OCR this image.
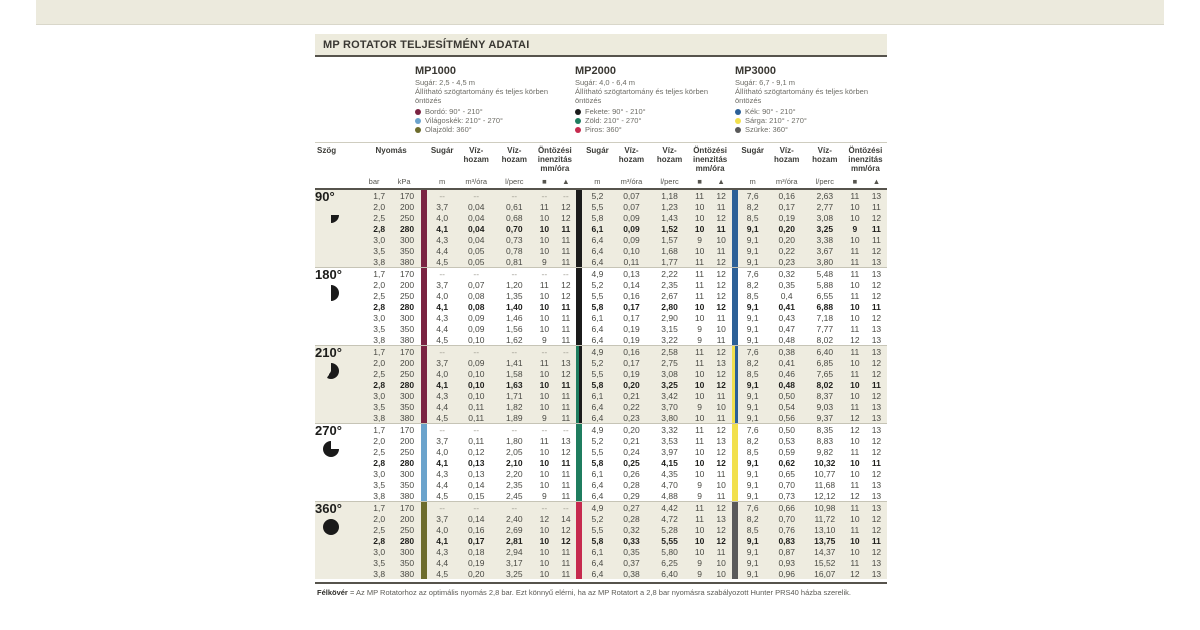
MP ROTATOR TELJESÍTMÉNY ADATAI

MP1000

Sugár: 2,5 - 4,5 m

Állítható szögtartomány és teljes körben öntözés

Bordó: 90° - 210°
Világoskék: 210° - 270°
Olajzöld: 360°

MP2000

Sugár: 4,0 - 6,4 m

Állítható szögtartomány és teljes körben öntözés

Fekete: 90° - 210°
Zöld: 210° - 270°
Piros: 360°

MP3000

Sugár: 6,7 - 9,1 m

Állítható szögtartomány és teljes körben öntözés

Kék: 90° - 210°
Sárga: 210° - 270°
Szürke: 360°
Szög	Nyomás			Sugár	Víz-hozam	Víz-hozam	Öntözési inenzitás mm/óra			Sugár	Víz-hozam	Víz-hozam	Öntözési inenzitás mm/óra			Sugár	Víz-hozam	Víz-hozam	Öntözési inenzitás mm/óra	
	bar	kPa		m	m³/óra	l/perc	■	▲		m	m³/óra	l/perc	■	▲		m	m³/óra	l/perc	■	▲

90°	1,7	170		--	--	--	--	--		5,2	0,07	1,18	11	12		7,6	0,16	2,63	11	13
	2,0	200		3,7	0,04	0,61	11	12		5,5	0,07	1,23	10	11		8,2	0,17	2,77	10	11
	2,5	250		4,0	0,04	0,68	10	12		5,8	0,09	1,43	10	12		8,5	0,19	3,08	10	12
	2,8	280		4,1	0,04	0,70	10	11		6,1	0,09	1,52	10	11		9,1	0,20	3,25	9	11
	3,0	300		4,3	0,04	0,73	10	11		6,4	0,09	1,57	9	10		9,1	0,20	3,38	10	11
	3,5	350		4,4	0,05	0,78	10	11		6,4	0,10	1,68	10	11		9,1	0,22	3,67	11	12
	3,8	380		4,5	0,05	0,81	9	11		6,4	0,11	1,77	11	12		9,1	0,23	3,80	11	13

180°	1,7	170		--	--	--	--	--		4,9	0,13	2,22	11	12		7,6	0,32	5,48	11	13
	2,0	200		3,7	0,07	1,20	11	12		5,2	0,14	2,35	11	12		8,2	0,35	5,88	10	12
	2,5	250		4,0	0,08	1,35	10	12		5,5	0,16	2,67	11	12		8,5	0,4	6,55	11	12
	2,8	280		4,1	0,08	1,40	10	11		5,8	0,17	2,80	10	12		9,1	0,41	6,88	10	11
	3,0	300		4,3	0,09	1,46	10	11		6,1	0,17	2,90	10	11		9,1	0,43	7,18	10	12
	3,5	350		4,4	0,09	1,56	10	11		6,4	0,19	3,15	9	10		9,1	0,47	7,77	11	13
	3,8	380		4,5	0,10	1,62	9	11		6,4	0,19	3,22	9	11		9,1	0,48	8,02	12	13

210°	1,7	170		--	--	--	--	--		4,9	0,16	2,58	11	12		7,6	0,38	6,40	11	13
	2,0	200		3,7	0,09	1,41	11	13		5,2	0,17	2,75	11	13		8,2	0,41	6,85	10	12
	2,5	250		4,0	0,10	1,58	10	12		5,5	0,19	3,08	10	12		8,5	0,46	7,65	11	12
	2,8	280		4,1	0,10	1,63	10	11		5,8	0,20	3,25	10	12		9,1	0,48	8,02	10	11
	3,0	300		4,3	0,10	1,71	10	11		6,1	0,21	3,42	10	11		9,1	0,50	8,37	10	12
	3,5	350		4,4	0,11	1,82	10	11		6,4	0,22	3,70	9	10		9,1	0,54	9,03	11	13
	3,8	380		4,5	0,11	1,89	9	11		6,4	0,23	3,80	10	11		9,1	0,56	9,37	12	13

270°	1,7	170		--	--	--	--	--		4,9	0,20	3,32	11	12		7,6	0,50	8,35	12	13
	2,0	200		3,7	0,11	1,80	11	13		5,2	0,21	3,53	11	13		8,2	0,53	8,83	10	12
	2,5	250		4,0	0,12	2,05	10	12		5,5	0,24	3,97	10	12		8,5	0,59	9,82	11	12
	2,8	280		4,1	0,13	2,10	10	11		5,8	0,25	4,15	10	12		9,1	0,62	10,32	10	11
	3,0	300		4,3	0,13	2,20	10	11		6,1	0,26	4,35	10	11		9,1	0,65	10,77	10	12
	3,5	350		4,4	0,14	2,35	10	11		6,4	0,28	4,70	9	10		9,1	0,70	11,68	11	13
	3,8	380		4,5	0,15	2,45	9	11		6,4	0,29	4,88	9	11		9,1	0,73	12,12	12	13

360°	1,7	170		--	--	--	--	--		4,9	0,27	4,42	11	12		7,6	0,66	10,98	11	13
	2,0	200		3,7	0,14	2,40	12	14		5,2	0,28	4,72	11	13		8,2	0,70	11,72	10	12
	2,5	250		4,0	0,16	2,69	10	12		5,5	0,32	5,28	10	12		8,5	0,76	13,10	11	12
	2,8	280		4,1	0,17	2,81	10	12		5,8	0,33	5,55	10	12		9,1	0,83	13,75	10	11
	3,0	300		4,3	0,18	2,94	10	11		6,1	0,35	5,80	10	11		9,1	0,87	14,37	10	12
	3,5	350		4,4	0,19	3,17	10	11		6,4	0,37	6,25	9	10		9,1	0,93	15,52	11	13
	3,8	380		4,5	0,20	3,25	10	11		6,4	0,38	6,40	9	10		9,1	0,96	16,07	12	13
Félkövér = Az MP Rotatorhoz az optimális nyomás 2,8 bar. Ezt könnyű elérni, ha az MP Rotatort a 2,8 bar nyomásra szabályozott Hunter PRS40 házba szerelik.
